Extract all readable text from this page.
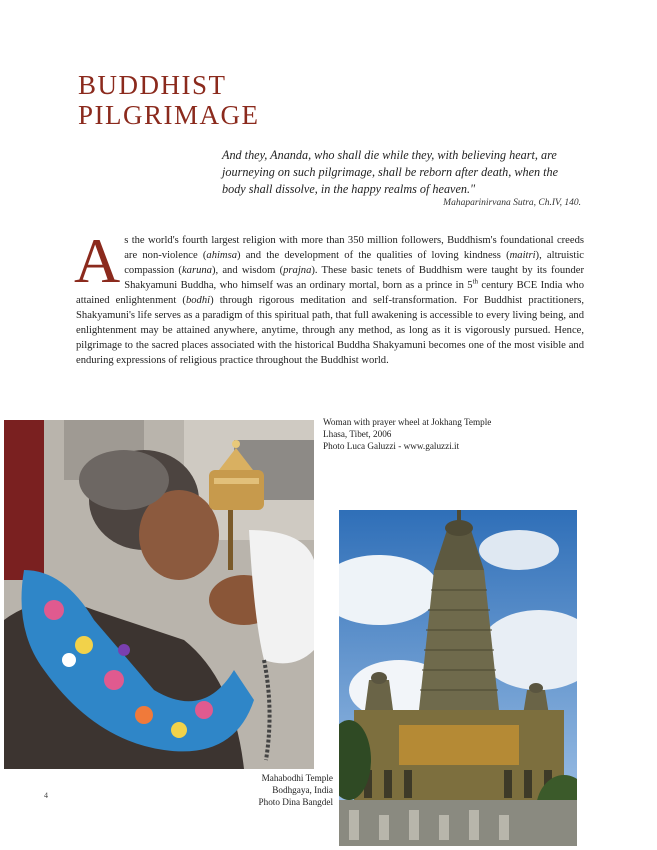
BUDDHIST
PILGRIMAGE
And they, Ananda, who shall die while they, with believing heart, are journeying on such pilgrimage, shall be reborn after death, when the body shall dissolve, in the happy realms of heaven."
Mahaparinirvana Sutra, Ch.IV, 140.
As the world's fourth largest religion with more than 350 million followers, Buddhism's foundational creeds are non-violence (ahimsa) and the development of the qualities of loving kindness (maitri), altruistic compassion (karuna), and wisdom (prajna). These basic tenets of Buddhism were taught by its founder Shakyamuni Buddha, who himself was an ordinary mortal, born as a prince in 5th century BCE India who attained enlightenment (bodhi) through rigorous meditation and self-transformation. For Buddhist practitioners, Shakyamuni's life serves as a paradigm of this spiritual path, that full awakening is accessible to every living being, and enlightenment may be attained anywhere, anytime, through any method, as long as it is vigorously pursued. Hence, pilgrimage to the sacred places associated with the historical Buddha Shakyamuni becomes one of the most visible and enduring expressions of religious practice throughout the Buddhist world.
Woman with prayer wheel at Jokhang Temple
Lhasa, Tibet, 2006
Photo Luca Galuzzi - www.galuzzi.it
Mahabodhi Temple
Bodhgaya, India
Photo Dina Bangdel
4
